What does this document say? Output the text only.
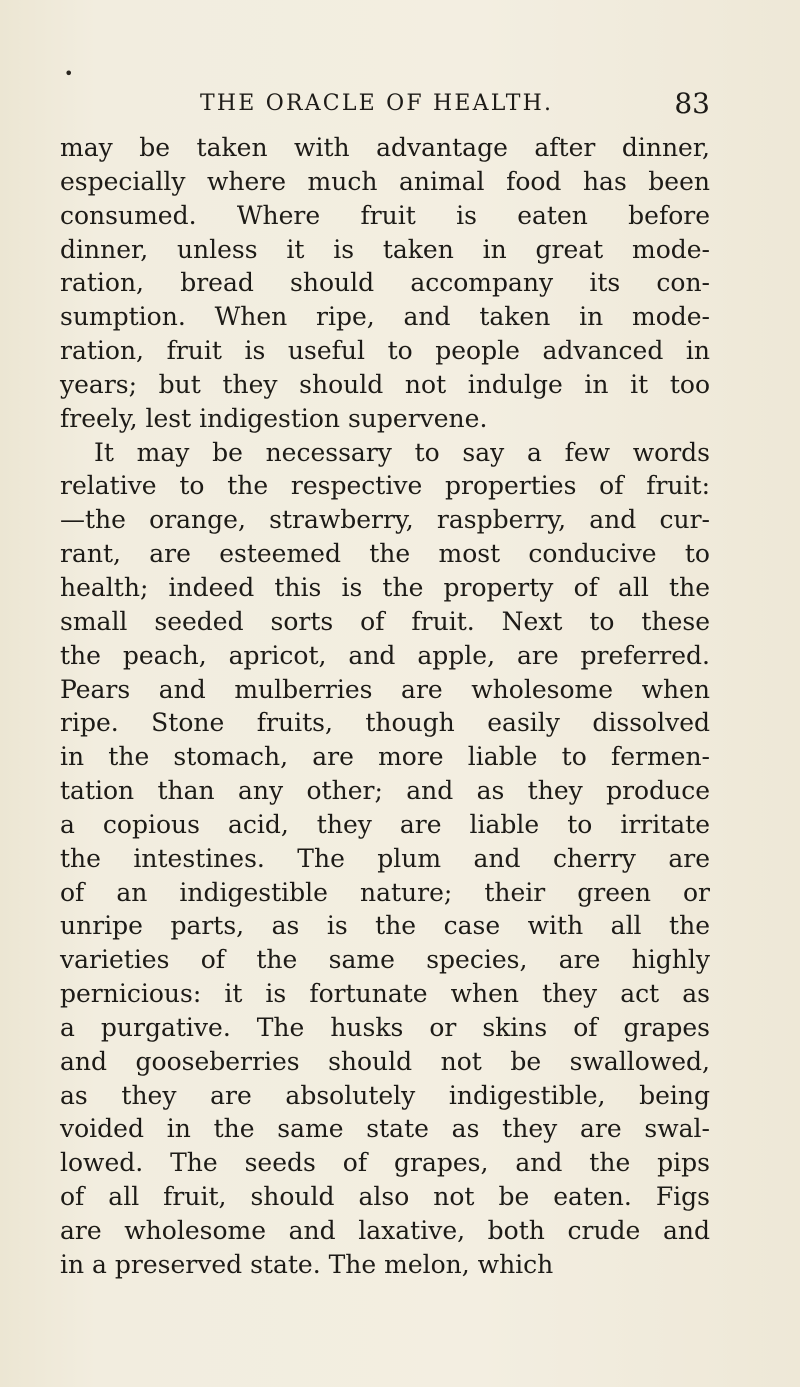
•
THE ORACLE OF HEALTH.	83
may be taken with advantage after dinner,
especially where much animal food has been
consumed. Where fruit is eaten before
dinner, unless it is taken in great mode-
ration, bread should accompany its con-
sumption. When ripe, and taken in mode-
ration, fruit is useful to people advanced in
years; but they should not indulge in it too
freely, lest indigestion supervene.
It may be necessary to say a few words
relative to the respective properties of fruit:
—the orange, strawberry, raspberry, and cur-
rant, are esteemed the most conducive to
health; indeed this is the property of all the
small seeded sorts of fruit. Next to these
the peach, apricot, and apple, are preferred.
Pears and mulberries are wholesome when
ripe. Stone fruits, though easily dissolved
in the stomach, are more liable to fermen-
tation than any other; and as they produce
a copious acid, they are liable to irritate
the intestines. The plum and cherry are
of an indigestible nature; their green or
unripe parts, as is the case with all the
varieties of the same species, are highly
pernicious: it is fortunate when they act as
a purgative. The husks or skins of grapes
and gooseberries should not be swallowed,
as they are absolutely indigestible, being
voided in the same state as they are swal-
lowed. The seeds of grapes, and the pips
of all fruit, should also not be eaten. Figs
are wholesome and laxative, both crude and
in a preserved state. The melon, which
